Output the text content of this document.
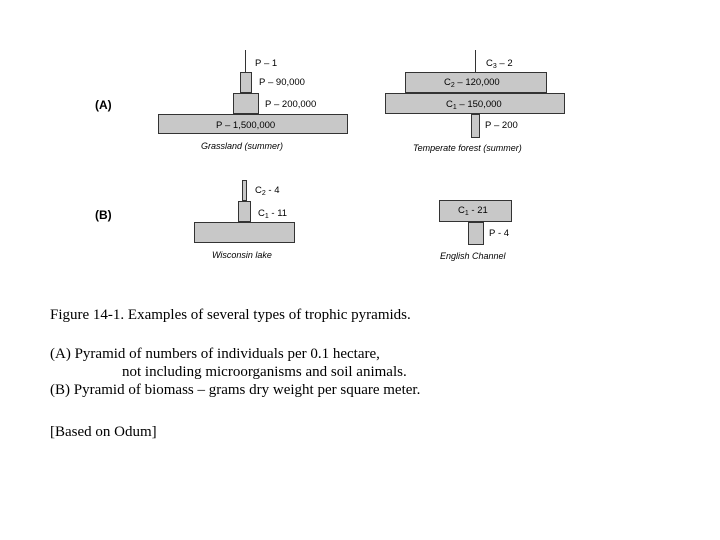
(A)
(B)
P – 1
P – 90,000
P – 200,000
P – 1,500,000
Grassland (summer)
$C_3 - 2$
$C_2 - 120,000$
$C_1 - 150,000$
P – 200
Temperate forest (summer)
$C_2 - 4$
$C_1 - 11$
Wisconsin lake
$C_1 - 21$
P - 4
English Channel
Figure 14-1. Examples of several types of trophic pyramids.
(A) Pyramid of numbers of individuals per 0.1 hectare,
not including microorganisms and soil animals.
(B) Pyramid of biomass – grams dry weight per square meter.
[Based on Odum]
